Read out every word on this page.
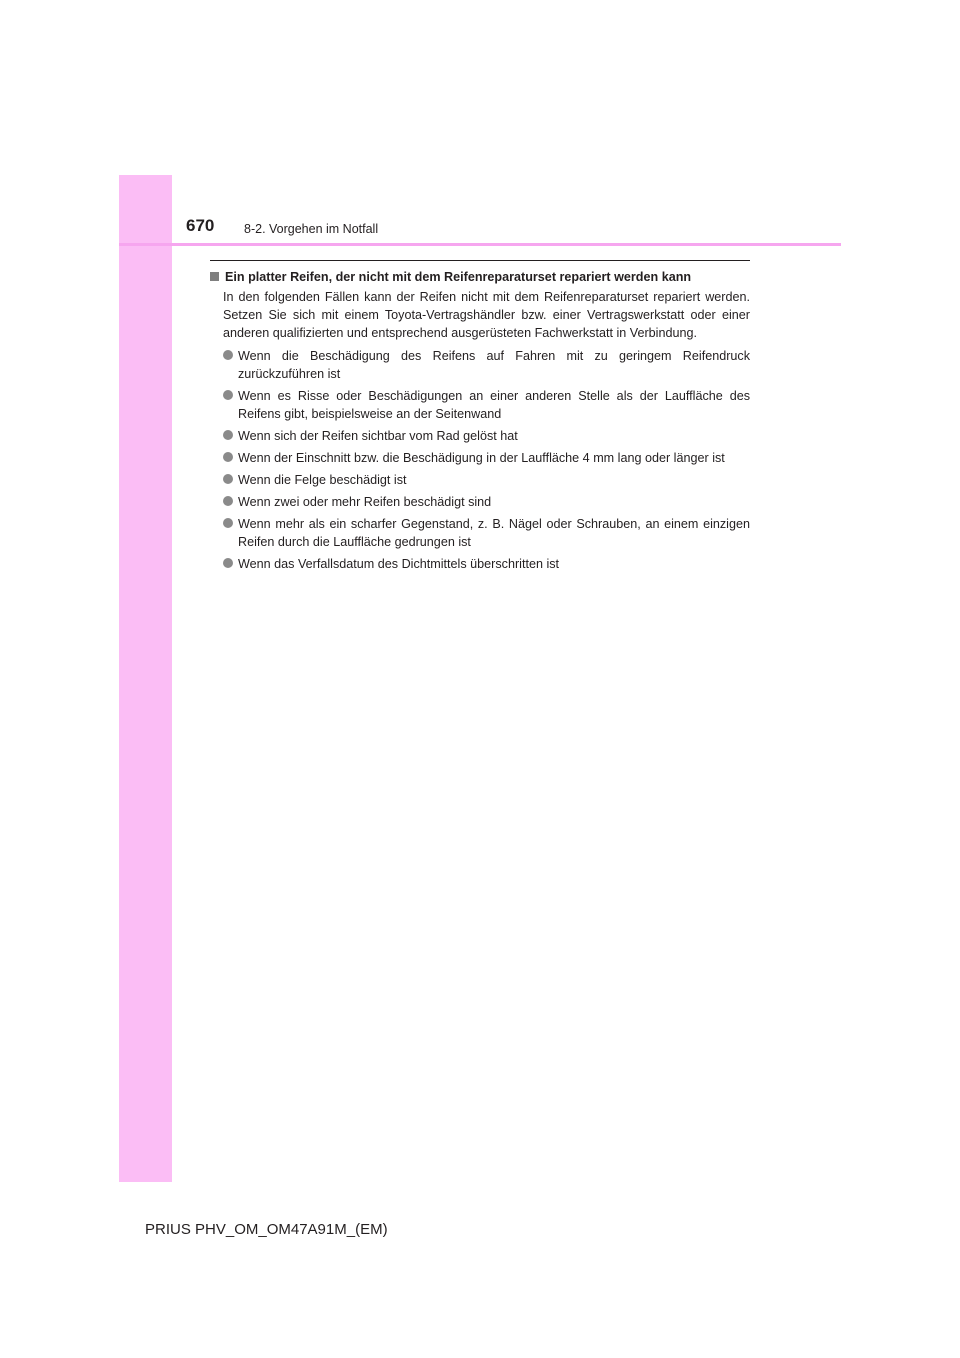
670 8-2. Vorgehen im Notfall
Ein platter Reifen, der nicht mit dem Reifenreparaturset repariert werden kann

In den folgenden Fällen kann der Reifen nicht mit dem Reifenreparaturset repariert werden. Setzen Sie sich mit einem Toyota-Vertragshändler bzw. einer Vertragswerkstatt oder einer anderen qualifizierten und entsprechend ausgerüsteten Fachwerkstatt in Verbindung.

Wenn die Beschädigung des Reifens auf Fahren mit zu geringem Reifendruck zurückzuführen ist
Wenn es Risse oder Beschädigungen an einer anderen Stelle als der Lauffläche des Reifens gibt, beispielsweise an der Seitenwand
Wenn sich der Reifen sichtbar vom Rad gelöst hat
Wenn der Einschnitt bzw. die Beschädigung in der Lauffläche 4 mm lang oder länger ist
Wenn die Felge beschädigt ist
Wenn zwei oder mehr Reifen beschädigt sind
Wenn mehr als ein scharfer Gegenstand, z. B. Nägel oder Schrauben, an einem einzigen Reifen durch die Lauffläche gedrungen ist
Wenn das Verfallsdatum des Dichtmittels überschritten ist
PRIUS PHV_OM_OM47A91M_(EM)
